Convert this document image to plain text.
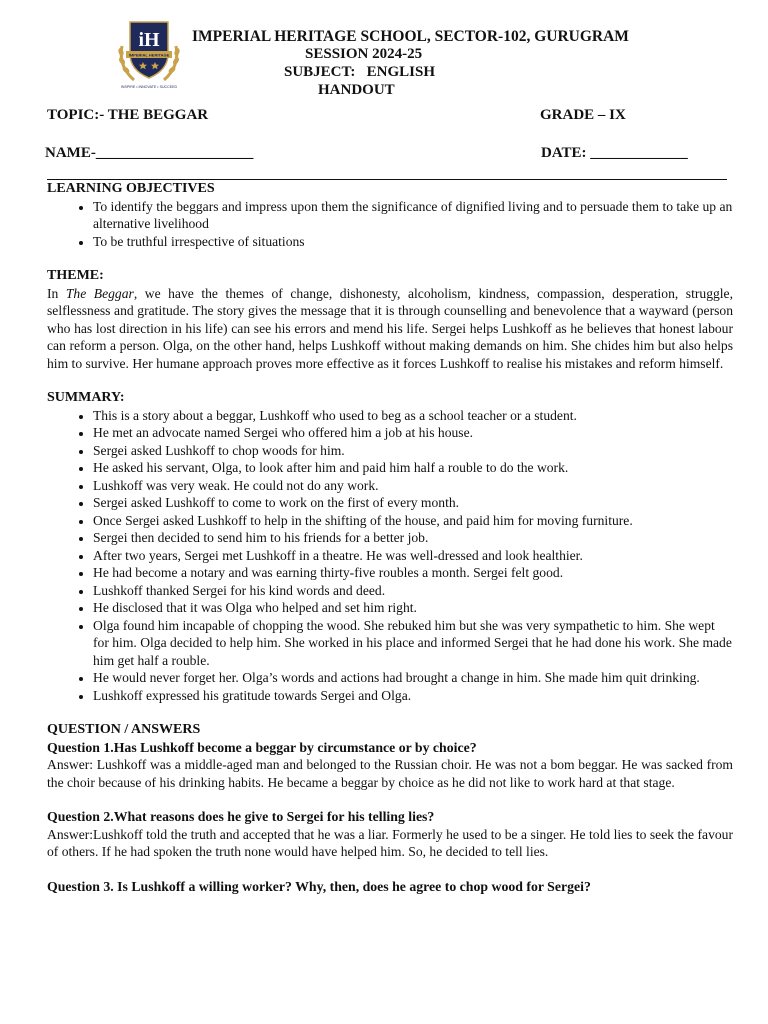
iH
IMPERIAL HERITAGE
INSPIRE • INNOVATE • SUCCEED
IMPERIAL HERITAGE SCHOOL, SECTOR-102, GURUGRAM
SESSION 2024-25
SUBJECT:   ENGLISH
HANDOUT
TOPIC:- THE BEGGAR	GRADE – IX
NAME-_____________________	DATE: _____________
LEARNING OBJECTIVES
• To identify the beggars and impress upon them the significance of dignified living and to persuade them to take up an alternative livelihood
• To be truthful irrespective of situations
THEME:

In The Beggar, we have the themes of change, dishonesty, alcoholism, kindness, compassion, desperation, struggle, selflessness and gratitude. The story gives the message that it is through counselling and benevolence that a wayward (person who has lost direction in his life) can see his errors and mend his life. Sergei helps Lushkoff as he believes that honest labour can reform a person. Olga, on the other hand, helps Lushkoff without making demands on him. She chides him but also helps him to survive. Her humane approach proves more effective as it forces Lushkoff to realise his mistakes and reform himself.

SUMMARY:
• This is a story about a beggar, Lushkoff who used to beg as a school teacher or a student.
• He met an advocate named Sergei who offered him a job at his house.
• Sergei asked Lushkoff to chop woods for him.
• He asked his servant, Olga, to look after him and paid him half a rouble to do the work.
• Lushkoff was very weak. He could not do any work.
• Sergei asked Lushkoff to come to work on the first of every month.
• Once Sergei asked Lushkoff to help in the shifting of the house, and paid him for moving furniture.
• Sergei then decided to send him to his friends for a better job.
• After two years, Sergei met Lushkoff in a theatre. He was well-dressed and look healthier.
• He had become a notary and was earning thirty-five roubles a month. Sergei felt good.
• Lushkoff thanked Sergei for his kind words and deed.
• He disclosed that it was Olga who helped and set him right.
• Olga found him incapable of chopping the wood. She rebuked him but she was very sympathetic to him. She wept for him. Olga decided to help him. She worked in his place and informed Sergei that he had done his work. She made him get half a rouble.
• He would never forget her. Olga’s words and actions had brought a change in him. She made him quit drinking.
• Lushkoff expressed his gratitude towards Sergei and Olga.
QUESTION / ANSWERS

Question 1.Has Lushkoff become a beggar by circumstance or by choice?

Answer: Lushkoff was a middle-aged man and belonged to the Russian choir. He was not a bom beggar. He was sacked from the choir because of his drinking habits. He became a beggar by choice as he did not like to work hard at that stage.

Question 2.What reasons does he give to Sergei for his telling lies?

Answer:Lushkoff told the truth and accepted that he was a liar. Formerly he used to be a singer. He told lies to seek the favour of others. If he had spoken the truth none would have helped him. So, he decided to tell lies.

Question 3. Is Lushkoff a willing worker? Why, then, does he agree to chop wood for Sergei?
